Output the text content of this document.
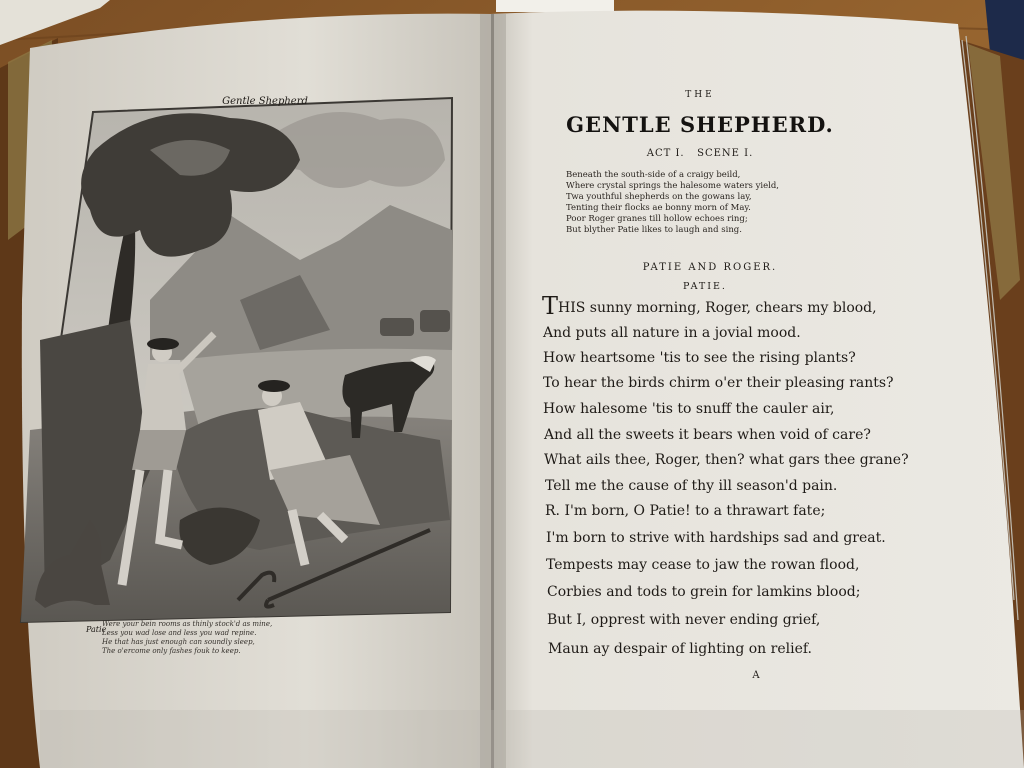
Gentle Shepherd
Patie
Were your bein rooms as thinly stock'd as mine,
Less you wad lose and less you wad repine.
He that has just enough can soundly sleep,
The o'ercome only fashes fouk to keep.
THE
GENTLE SHEPHERD.
ACT I.   SCENE I.
Beneath the south-side of a craigy beild,
Where crystal springs the halesome waters yield,
Twa youthful shepherds on the gowans lay,
Tenting their flocks ae bonny morn of May.
Poor Roger granes till hollow echoes ring;
But blyther Patie likes to laugh and sing.
PATIE AND ROGER.
PATIE.
THIS sunny morning, Roger, chears my blood,
And puts all nature in a jovial mood.
How heartsome 'tis to see the rising plants?
To hear the birds chirm o'er their pleasing rants?
How halesome 'tis to snuff the cauler air,
And all the sweets it bears when void of care?
What ails thee, Roger, then? what gars thee grane?
Tell me the cause of thy ill season'd pain.
R. I'm born, O Patie! to a thrawart fate;
I'm born to strive with hardships sad and great.
Tempests may cease to jaw the rowan flood,
Corbies and tods to grein for lamkins blood;
But I, opprest with never ending grief,
Maun ay despair of lighting on relief.
A
